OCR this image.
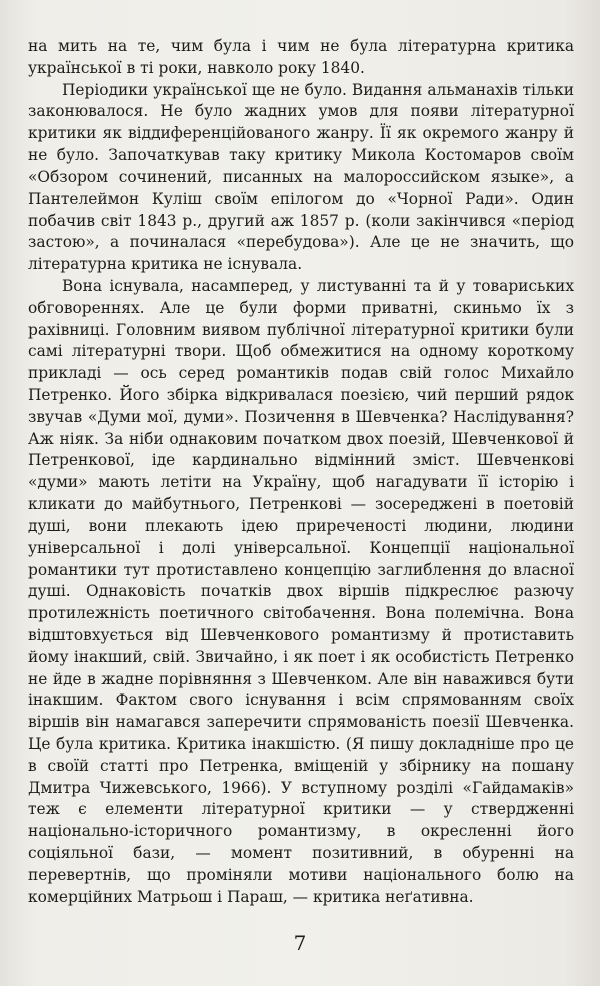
на мить на те, чим була і чим не була літературна критика української в ті роки, навколо року 1840.

Періодики української ще не було. Видання альманахів тільки законювалося. Не було жадних умов для появи літературної критики як віддиференційованого жанру. Її як окремого жанру й не було. Започаткував таку критику Микола Костомаров своїм «Обзором сочинений, писанных на малороссийском языке», а Пантелеймон Куліш своїм епілогом до «Чорної Ради». Один побачив світ 1843 р., другий аж 1857 р. (коли закінчився «період застою», а починалася «перебудова»). Але це не значить, що літературна критика не існувала.

Вона існувала, насамперед, у листуванні та й у товариських обговореннях. Але це були форми приватні, скиньмо їх з рахівниці. Головним виявом публічної літературної критики були самі літературні твори. Щоб обмежитися на одному короткому прикладі — ось серед романтиків подав свій голос Михайло Петренко. Його збірка відкривалася поезією, чий перший рядок звучав «Думи мої, думи». Позичення в Шевченка? Наслідування? Аж ніяк. За ніби однаковим початком двох поезій, Шевченкової й Петренкової, іде кардинально відмінний зміст. Шевченкові «думи» мають летіти на Україну, щоб нагадувати її історію і кликати до майбутнього, Петренкові — зосереджені в поетовій душі, вони плекають ідею приреченості людини, людини універсальної і долі універсальної. Концепції національної романтики тут протиставлено концепцію заглиблення до власної душі. Однаковість початків двох віршів підкреслює разючу протилежність поетичного світобачення. Вона полемічна. Вона відштовхується від Шевченкового романтизму й протиставить йому інакший, свій. Звичайно, і як поет і як особистість Петренко не йде в жадне порівняння з Шевченком. Але він наважився бути інакшим. Фактом свого існування і всім спрямованням своїх віршів він намагався заперечити спрямованість поезії Шевченка. Це була критика. Критика інакшістю. (Я пишу докладніше про це в своїй статті про Петренка, вміщеній у збірнику на пошану Дмитра Чижевського, 1966). У вступному розділі «Гайдамаків» теж є елементи літературної критики — у ствердженні національно-історичного романтизму, в окресленні його соціяльної бази, — момент позитивний, в обуренні на перевертнів, що проміняли мотиви національного болю на комерційних Матрьош і Параш, — критика неґативна.

7
